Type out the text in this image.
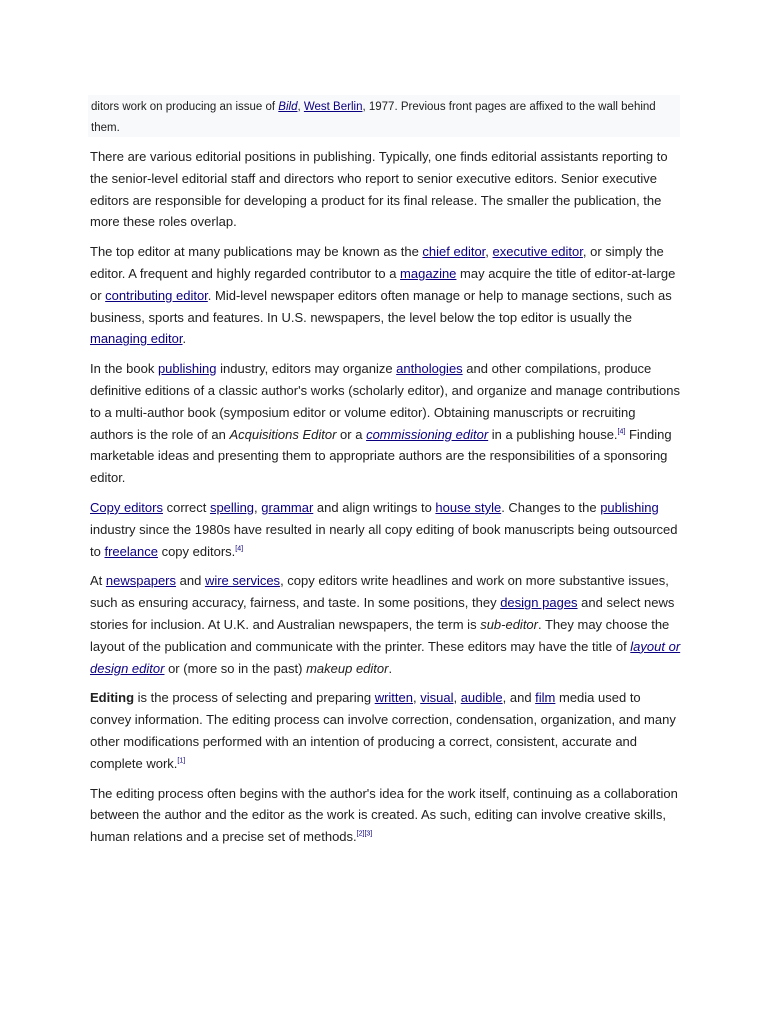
ditors work on producing an issue of Bild, West Berlin, 1977. Previous front pages are affixed to the wall behind them.

There are various editorial positions in publishing. Typically, one finds editorial assistants reporting to the senior-level editorial staff and directors who report to senior executive editors. Senior executive editors are responsible for developing a product for its final release. The smaller the publication, the more these roles overlap.

The top editor at many publications may be known as the chief editor, executive editor, or simply the editor. A frequent and highly regarded contributor to a magazine may acquire the title of editor-at-large or contributing editor. Mid-level newspaper editors often manage or help to manage sections, such as business, sports and features. In U.S. newspapers, the level below the top editor is usually the managing editor.

In the book publishing industry, editors may organize anthologies and other compilations, produce definitive editions of a classic author's works (scholarly editor), and organize and manage contributions to a multi-author book (symposium editor or volume editor). Obtaining manuscripts or recruiting authors is the role of an Acquisitions Editor or a commissioning editor in a publishing house.[4] Finding marketable ideas and presenting them to appropriate authors are the responsibilities of a sponsoring editor.

Copy editors correct spelling, grammar and align writings to house style. Changes to the publishing industry since the 1980s have resulted in nearly all copy editing of book manuscripts being outsourced to freelance copy editors.[4]

At newspapers and wire services, copy editors write headlines and work on more substantive issues, such as ensuring accuracy, fairness, and taste. In some positions, they design pages and select news stories for inclusion. At U.K. and Australian newspapers, the term is sub-editor. They may choose the layout of the publication and communicate with the printer. These editors may have the title of layout or design editor or (more so in the past) makeup editor.

Editing is the process of selecting and preparing written, visual, audible, and film media used to convey information. The editing process can involve correction, condensation, organization, and many other modifications performed with an intention of producing a correct, consistent, accurate and complete work.[1]

The editing process often begins with the author's idea for the work itself, continuing as a collaboration between the author and the editor as the work is created. As such, editing can involve creative skills, human relations and a precise set of methods.[2][3]
